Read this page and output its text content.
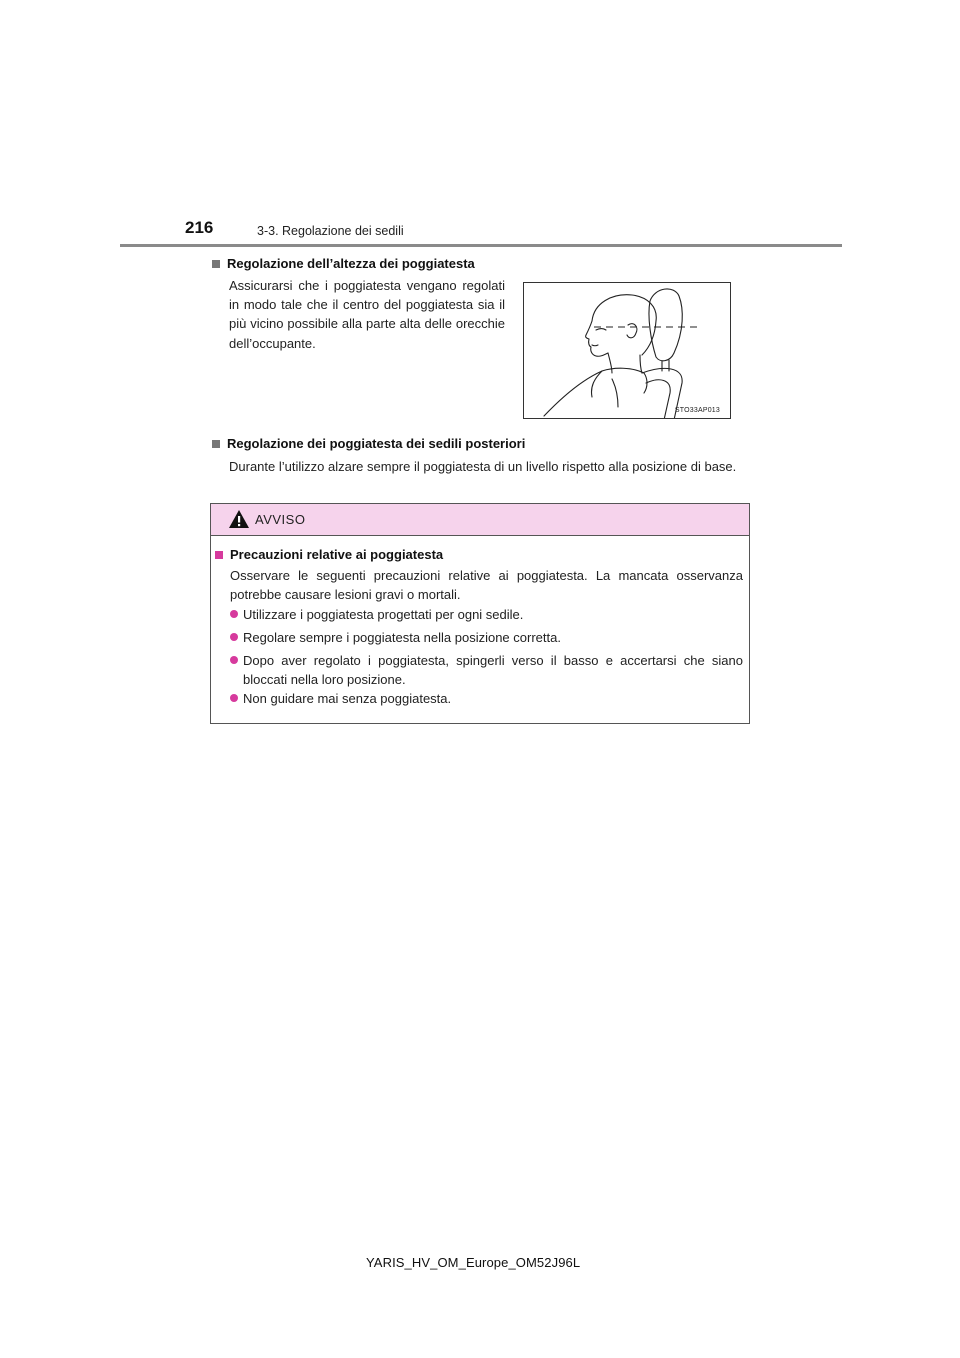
216	3-3. Regolazione dei sedili
Regolazione dell’altezza dei poggiatesta
Assicurarsi che i poggiatesta vengano regolati in modo tale che il centro del poggiatesta sia il più vicino possibile alla parte alta delle orecchie dell’occupante.
STO33AP013
Regolazione dei poggiatesta dei sedili posteriori
Durante l’utilizzo alzare sempre il poggiatesta di un livello rispetto alla posizione di base.
AVVISO
Precauzioni relative ai poggiatesta
Osservare le seguenti precauzioni relative ai poggiatesta. La mancata osservanza potrebbe causare lesioni gravi o mortali.
Utilizzare i poggiatesta progettati per ogni sedile.
Regolare sempre i poggiatesta nella posizione corretta.
Dopo aver regolato i poggiatesta, spingerli verso il basso e accertarsi che siano bloccati nella loro posizione.
Non guidare mai senza poggiatesta.
YARIS_HV_OM_Europe_OM52J96L
